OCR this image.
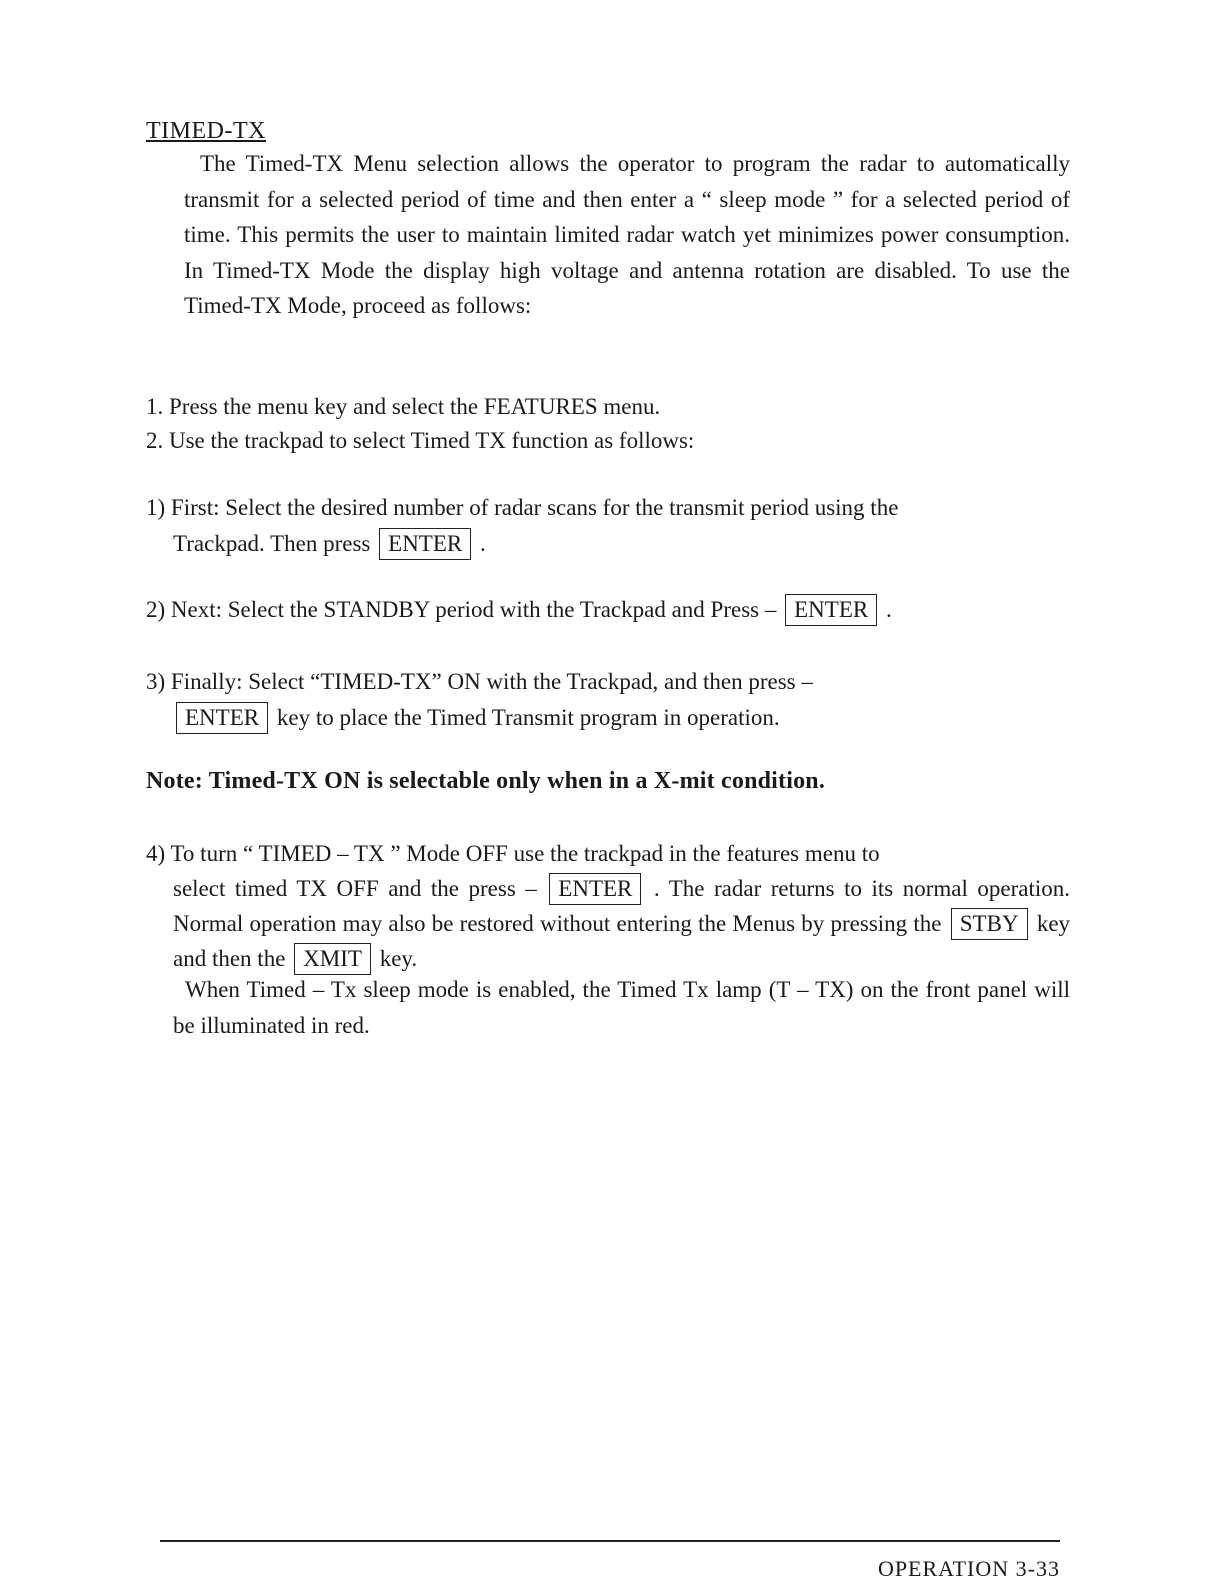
TIMED-TX
The Timed-TX Menu selection allows the operator to program the radar to automatically transmit for a selected period of time and then enter a “ sleep mode ” for a selected period of time. This permits the user to maintain limited radar watch yet minimizes power consumption. In Timed-TX Mode the display high voltage and antenna rotation are disabled. To use the Timed-TX Mode, proceed as follows:
1. Press the menu key and select the FEATURES menu.
2. Use the trackpad to select Timed TX function as follows:
1) First: Select the desired number of radar scans for the transmit period using the
Trackpad. Then press ENTER .
2) Next: Select the STANDBY period with the Trackpad and Press – ENTER .
3) Finally: Select “TIMED-TX” ON with the Trackpad, and then press –
ENTER key to place the Timed Transmit program in operation.
Note: Timed-TX ON is selectable only when in a X-mit condition.
4) To turn “ TIMED – TX ” Mode OFF use the trackpad in the features menu to
select timed TX OFF and the press – ENTER . The radar returns to its normal operation. Normal operation may also be restored without entering the Menus by pressing the STBY key and then the XMIT key.
When Timed – Tx sleep mode is enabled, the Timed Tx lamp (T – TX) on the front panel will be illuminated in red.
OPERATION 3-33
